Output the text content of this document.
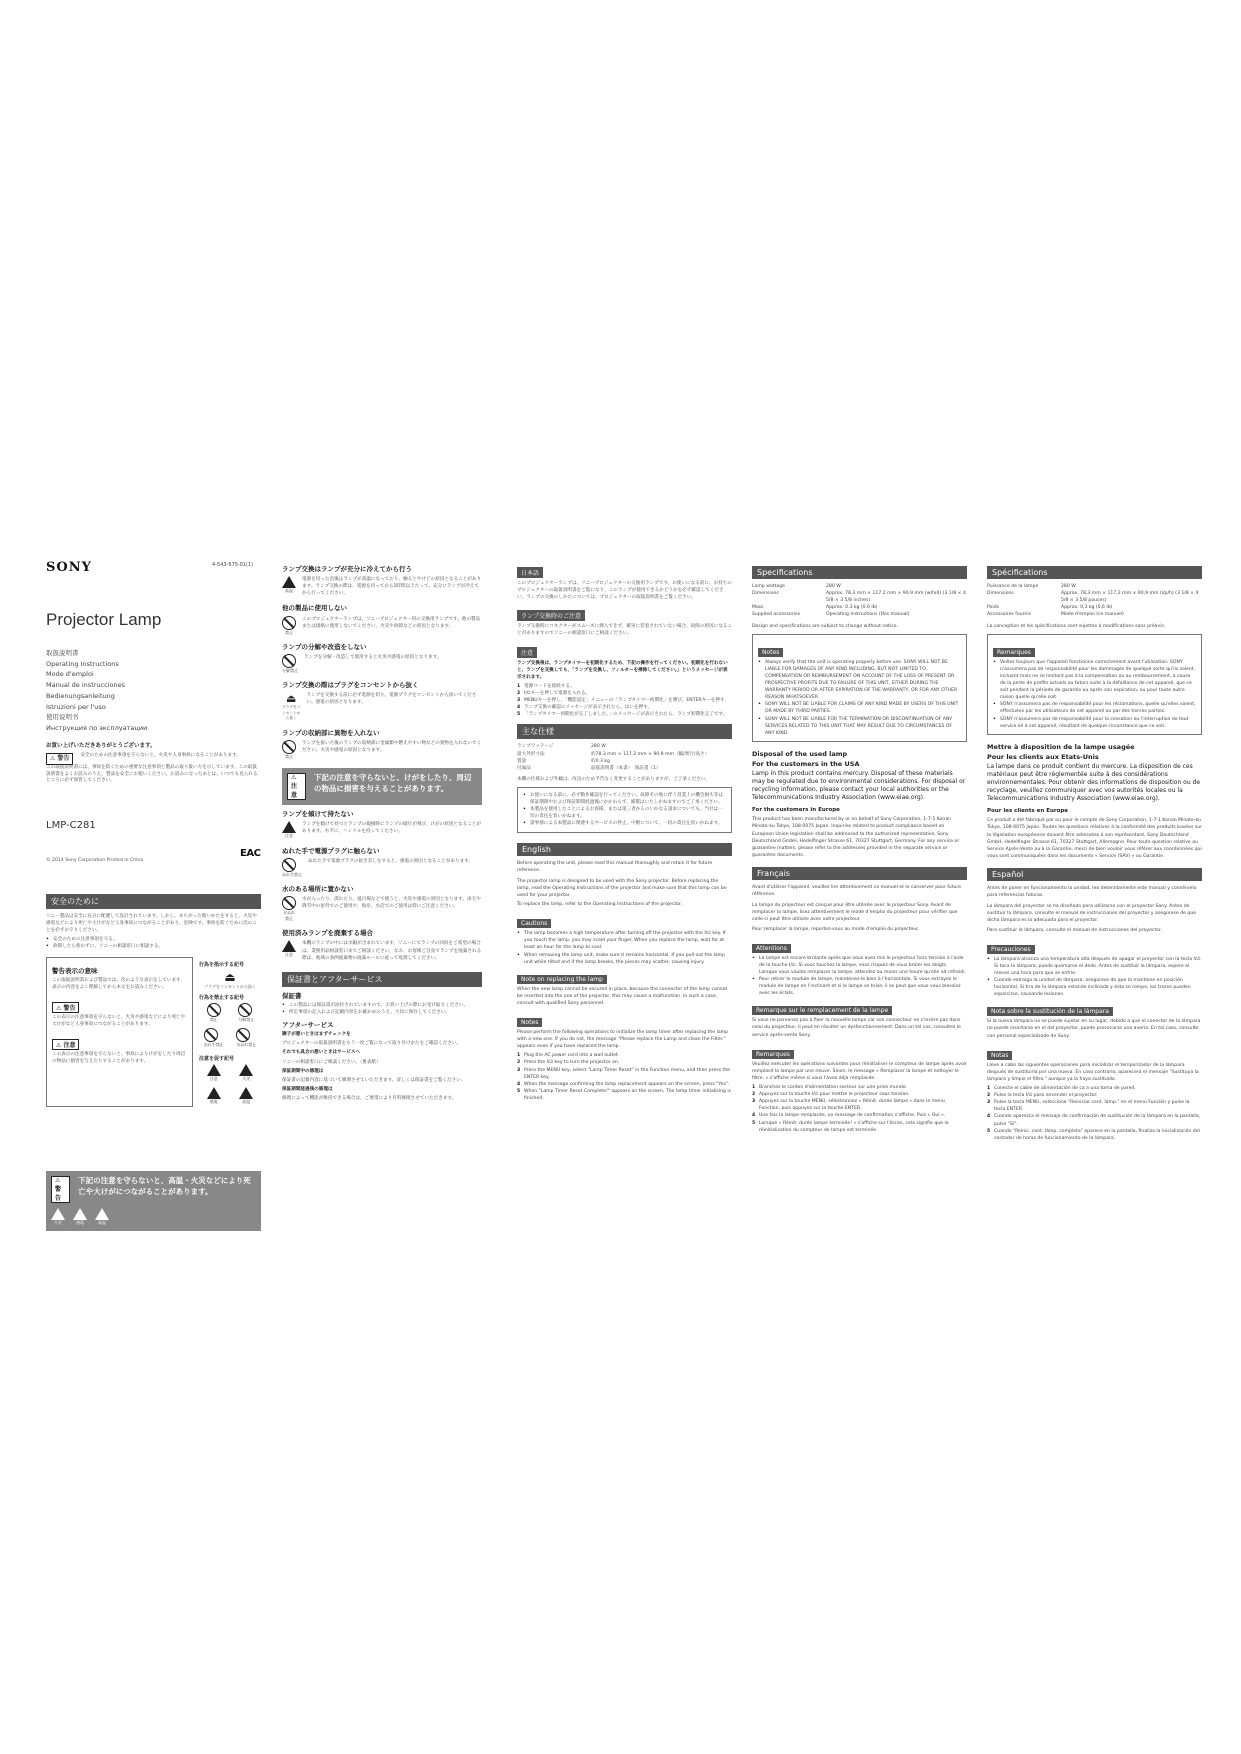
SONY	4-543-675-01(1)
Projector Lamp
取扱説明書
Operating Instructions
Mode d'emploi
Manual de instrucciones
Bedienungsanleitung
Istruzioni per l'uso
使用说明书
Инструкция по эксплуатации
お買い上げいただきありがとうございます。
⚠ 警告	安全のための注意事項を守らないと、火災や人身事故になることがあります。
この取扱説明書には、事故を防ぐための重要な注意事項と製品の取り扱い方を示しています。この取扱説明書をよくお読みのうえ、製品を安全にお使いください。お読みになったあとは、いつでも見られるところに必ず保管してください。
LMP-C281
© 2014 Sony Corporation Printed in China
EAC
安全のために

ソニー製品は安全に充分に配慮して設計されています。しかし、まちがった使いかたをすると、火災や感電などにより死亡や大けがなど人身事故につながることがあり、危険です。事故を防ぐために次のことを必ずお守りください。

• 安全のための注意事項を守る。

• 故障したら使わずに、ソニーの相談窓口に相談する。

警告表示の意味

この取扱説明書および製品では、次のような表示をしています。表示の内容をよく理解してから本文をお読みください。

⚠ 警告

この表示の注意事項を守らないと、火災や感電などにより死亡や大けがなど人身事故につながることがあります。

⚠ 注意

この表示の注意事項を守らないと、事故によりけがをしたり周辺の物品に損害を与えたりすることがあります。

行為を指示する記号
⏏
プラグをコンセントから抜く
行為を禁止する記号
禁止	分解禁止
ぬれ手禁止	水ぬれ禁止
注意を促す記号
注意	火災
感電	高温
⚠ 警告
下記の注意を守らないと、高温・火災などにより死亡や大けがにつながることがあります。
火災	感電	高温
ランプ交換はランプが充分に冷えてから行う
高温

電源を切った直後はランプが高温になっており、触るとやけどの原因となることがあります。ランプ交換の際は、電源を切ってから1時間以上たって、充分にランプが冷えてから行ってください。

他の製品に使用しない
禁止

このプロジェクターランプは、ソニープロジェクター用の交換用ランプです。他の製品または規格に使用しないでください。火災や故障などの原因となります。

ランプの分解や改造をしない
分解禁止

ランプを分解・改造して使用すると火災や感電の原因となります。

ランプ交換の際はプラグをコンセントから抜く
⏏
プラグをコンセントから抜く

ランプを交換する前に必ず電源を切り、電源プラグをコンセントから抜いてください。感電の原因となります。

ランプの収納部に異物を入れない
禁止

ランプを抜いた後のランプの収納部に金属類や燃えやすい物などの異物を入れないでください。火災や感電の原因となります。

⚠ 注意
下記の注意を守らないと、けがをしたり、周辺の物品に損害を与えることがあります。
ランプを傾けて持たない
注意

ランプを傾けて持つとランプの破損時にランプの破片が飛び、けがの原因となることがあります。水平に、ハンドルを持ってください。

ぬれた手で電源プラグに触らない
ぬれ手禁止

ぬれた手で電源プラグの抜き差しをすると、感電の原因となることがあります。

水のある場所に置かない
水ぬれ禁止

水が入ったり、濡れたり、風呂場などで使うと、火災や感電の原因となります。雨天や降雪中の屋外でのご使用や、海岸、水辺でのご使用は特にご注意ください。

使用済みランプを廃棄する場合
注意

本機のランプの中には水銀が含まれています。ソニーにてランプの回収をご希望の場合は、業務用品相談窓口までご相談ください。なお、お客様ご自身でランプを廃棄される際は、地域の条例廃棄物の廃棄ルールに従って処理してください。

保証書とアフターサービス
保証書

• この製品には保証書が添付されていますので、お買い上げの際にお受け取りください。

• 所定事項の記入および記載内容をお確かめのうえ、大切に保存してください。

アフターサービス
調子が悪いときはまずチェックを

プロジェクターの取扱説明書をもう一度ご覧になって取り付けかたをご確認ください。

それでも具合の悪いときはサービスへ

ソニーの相談窓口にご相談ください。（裏表紙）

保証期間中の修理は

保証書の記載内容に基づいて修理させていただきます。詳しくは保証書をご覧ください。

保証期間経過後の修理は

修理によって機能が維持できる場合は、ご要望により有料修理させていただきます。

日本語

このプロジェクターランプは、ソニープロジェクターの交換用ランプです。お使いになる前に、お持ちのプロジェクターの取扱説明書をご覧になり、このランプが使用できるかどうかを必ず確認してください。ランプの交換のしかたについては、プロジェクターの取扱説明書をご覧ください。

ランプ交換時のご注意

ランプ交換時にコネクターがスムーズに挿入できず、確実に装着されていない場合、故障の原因になることがありますのでソニーの相談窓口にご相談ください。

注意

ランプ交換後は、ランプタイマーを初期化するため、下記の操作を行ってください。初期化を行わないと、ランプを交換しても、「ランプを交換し、フィルターを掃除してください。」というメッセージが表示されます。

1 電源コードを接続する。

2 I/⏻キーを押して電源を入れる。

3 MENUキーを押し、「機能設定」メニューの「ランプタイマー初期化」を選び、ENTERキーを押す。

4 ランプ交換の確認のメッセージが表示されたら、はいを押す。

5 「ランプタイマー初期化が完了しました。」のメッセージが表示されたら、ランプ初期化完了です。

主な仕様
ランプワッテージ	280 W
最大外形寸法	約78.3 mm × 117.2 mm × 90.9 mm（幅/奥行/高さ）
質量	約0.3 kg
付属品	取扱説明書（本書）　保証書（1）

本機の仕様および外観は、改良のため予告なく変更することがありますが、ご了承ください。

• お使いになる前に、必ず動作確認を行ってください。故障その他に伴う営業上の機会損失等は保証期間中および保証期間経過後にかかわらず、補償はいたしかねますのでご了承ください。

• 本製品を使用したことによるお客様、または第三者からのいかなる請求についても、当社は一切の責任を負いかねます。

• 諸事情による本製品に関連するサービスの停止、中断について、一切の責任を負いかねます。

English

Before operating the unit, please read this manual thoroughly and retain it for future reference.

The projector lamp is designed to be used with the Sony projector. Before replacing the lamp, read the Operating Instructions of the projector and make sure that this lamp can be used for your projector.

To replace the lamp, refer to the Operating Instructions of the projector.

Cautions

• The lamp becomes a high temperature after turning off the projector with the I/⏻ key. If you touch the lamp, you may scald your finger. When you replace the lamp, wait for at least an hour for the lamp to cool.

• When removing the lamp unit, make sure it remains horizontal. If you pull out the lamp unit while tilted and if the lamp breaks, the pieces may scatter, causing injury.

Note on replacing the lamp

When the new lamp cannot be secured in place, because the connector of the lamp cannot be inserted into the one of the projector, this may cause a malfunction. In such a case, consult with qualified Sony personnel.

Notes

Please perform the following operations to initialize the lamp timer after replacing the lamp with a new one. If you do not, the message "Please replace the Lamp and clean the Filter." appears even if you have replaced the lamp.

1 Plug the AC power cord into a wall outlet.

2 Press the I/⏻ key to turn the projector on.

3 Press the MENU key, select "Lamp Timer Reset" in the Function menu, and then press the ENTER key.

4 When the message confirming the lamp replacement appears on the screen, press "Yes".

5 When "Lamp Timer Reset Complete!" appears on the screen, The lamp timer initializing is finished.

Specifications
Lamp wattage	280 W
Dimensions	Approx. 78.3 mm × 117.2 mm × 90.9 mm (w/h/d) (3 1/8 × 4 5/8 × 3 5/8 inches)
Mass	Approx. 0.3 kg (0.6 lb)
Supplied accessories	Operating Instructions (this manual)

Design and specifications are subject to change without notice.

Notes

• Always verify that the unit is operating properly before use. SONY WILL NOT BE LIABLE FOR DAMAGES OF ANY KIND INCLUDING, BUT NOT LIMITED TO, COMPENSATION OR REIMBURSEMENT ON ACCOUNT OF THE LOSS OF PRESENT OR PROSPECTIVE PROFITS DUE TO FAILURE OF THIS UNIT, EITHER DURING THE WARRANTY PERIOD OR AFTER EXPIRATION OF THE WARRANTY, OR FOR ANY OTHER REASON WHATSOEVER.

• SONY WILL NOT BE LIABLE FOR CLAIMS OF ANY KIND MADE BY USERS OF THIS UNIT OR MADE BY THIRD PARTIES.

• SONY WILL NOT BE LIABLE FOR THE TERMINATION OR DISCONTINUATION OF ANY SERVICES RELATED TO THIS UNIT THAT MAY RESULT DUE TO CIRCUMSTANCES OF ANY KIND.

Disposal of the used lamp
For the customers in the USA

Lamp in this product contains mercury. Disposal of these materials may be regulated due to environmental considerations. For disposal or recycling information, please contact your local authorities or the Telecommunications Industry Association (www.eiae.org).

For the customers in Europe

This product has been manufactured by or on behalf of Sony Corporation, 1-7-1 Konan Minato-ku Tokyo, 108-0075 Japan. Inquiries related to product compliance based on European Union legislation shall be addressed to the authorized representative, Sony Deutschland GmbH, Hedelfinger Strasse 61, 70327 Stuttgart, Germany. For any service or guarantee matters, please refer to the addresses provided in the separate service or guarantee documents.

Français

Avant d'utiliser l'appareil, veuillez lire attentivement ce manuel et le conserver pour future référence.

La lampe du projecteur est conçue pour être utilisée avec le projecteur Sony. Avant de remplacer la lampe, lisez attentivement le mode d'emploi du projecteur pour vérifier que celle-ci peut être utilisée avec votre projecteur.

Pour remplacer la lampe, reportez-vous au mode d'emploi du projecteur.

Attentions

• La lampe est encore brûlante après que vous avez mis le projecteur hors tension à l'aide de la touche I/⏻. Si vous touchez la lampe, vous risquez de vous brûler les doigts. Lorsque vous voulez remplacer la lampe, attendez au moins une heure qu'elle ait refroidi.

• Pour retirer le module de lampe, maintenez-le bien à l'horizontale. Si vous extrayez le module de lampe en l'inclinant et si la lampe se brise, il se peut que vous vous blessiez avec les éclats.

Remarque sur le remplacement de la lampe

Si vous ne parvenez pas à fixer la nouvelle lampe car son connecteur ne s'insère pas dans celui du projecteur, il peut en résulter un dysfonctionnement. Dans un tel cas, consultez le service après-vente Sony.

Remarques

Veuillez exécuter les opérations suivantes pour réinitialiser le compteur de lampe après avoir remplacé la lampe par une neuve. Sinon, le message « Remplacer la lampe et nettoyer le filtre. » s'affiche même si vous l'avez déjà remplacée.

1 Branchez le cordon d'alimentation secteur sur une prise murale.

2 Appuyez sur la touche I/⏻ pour mettre le projecteur sous tension.

3 Appuyez sur la touche MENU, sélectionnez « Réinit. durée lampe » dans le menu Fonction, puis appuyez sur la touche ENTER.

4 Une fois la lampe remplacée, un message de confirmation s'affiche. Puis « Oui ».

5 Lorsque « Réinit. durée lampe terminée! » s'affiche sur l'écran, cela signifie que la réinitialisation du compteur de lampe est terminée.

Spécifications
Puissance de la lampe	280 W
Dimensions	Approx. 78,3 mm × 117,2 mm × 90,9 mm (l/p/h) (3 1/8 × 4 5/8 × 3 5/8 pouces)
Poids	Approx. 0,3 kg (0,6 lb)
Accessoires fournis	Mode d'emploi (ce manuel)

La conception et les spécifications sont sujettes à modifications sans préavis.

Remarques

• Veillez toujours que l'appareil fonctionne correctement avant l'utilisation. SONY n'assumera pas de responsabilité pour les dommages de quelque sorte qu'ils soient, incluant mais ne se limitant pas à la compensation ou au remboursement, à cause de la perte de profits actuels ou futurs suite à la défaillance de cet appareil, que ce soit pendant la période de garantie ou après son expiration, ou pour toute autre raison quelle qu'elle soit.

• SONY n'assumera pas de responsabilité pour les réclamations, quelle qu'elles soient, effectuées par les utilisateurs de cet appareil ou par des tierces parties.

• SONY n'assumera pas de responsabilité pour la cessation ou l'interruption de tout service lié à cet appareil, résultant de quelque circonstance que ce soit.

Mettre à disposition de la lampe usagée
Pour les clients aux Etats-Unis

La lampe dans ce produit contient du mercure. La disposition de ces matériaux peut être réglementée suite à des considérations environnementales. Pour obtenir des informations de disposition ou de recyclage, veuillez communiquer avec vos autorités locales ou la Telecommunications Industry Association (www.eiae.org).

Pour les clients en Europe

Ce produit a été fabriqué par ou pour le compte de Sony Corporation, 1-7-1 Konan Minato-ku Tokyo, 108-0075 Japon. Toutes les questions relatives à la conformité des produits basées sur la législation européenne doivent être adressées à son représentant, Sony Deutschland GmbH, Hedelfinger Strasse 61, 70327 Stuttgart, Allemagne. Pour toute question relative au Service Après-Vente ou à la Garantie, merci de bien vouloir vous référer aux coordonnées qui vous sont communiquées dans les documents « Service (SAV) » ou Garantie.

Español

Antes de poner en funcionamiento la unidad, lea detenidamente este manual y consérvelo para referencias futuras.

La lámpara del proyector se ha diseñado para utilizarse con el proyector Sony. Antes de sustituir la lámpara, consulte el manual de instrucciones del proyector y asegúrese de que dicha lámpara es la adecuada para el proyector.

Para sustituir la lámpara, consulte el manual de instrucciones del proyector.

Precauciones

• La lámpara alcanza una temperatura alta después de apagar el proyector con la tecla I/⏻. Si toca la lámpara, puede quemarse el dedo. Antes de sustituir la lámpara, espere al menos una hora para que se enfríe.

• Cuando extraiga la unidad de lámpara, asegúrese de que la mantiene en posición horizontal. Si tira de la lámpara estando inclinada y ésta se rompe, los trozos pueden esparcirse, causando lesiones.

Nota sobre la sustitución de la lámpara

Si la nueva lámpara no se puede sujetar en su lugar, debido a que el conector de la lámpara no puede insertarse en el del proyector, puede provocarse una avería. En tal caso, consulte con personal especializado de Sony.

Notas

Lleve a cabo las siguientes operaciones para inicializar el temporizador de la lámpara después de sustituirla por una nueva. En caso contrario, aparecerá el mensaje "Sustituya la lámpara y limpie el filtro." aunque ya la haya sustituido.

1 Conecte el cable de alimentación de ca a una toma de pared.

2 Pulse la tecla I/⏻ para encender el proyector.

3 Pulse la tecla MENU, seleccione "Reiniciar cont. lámp." en el menú Función y pulse la tecla ENTER.

4 Cuando aparezca el mensaje de confirmación de sustitución de la lámpara en la pantalla, pulse "Sí".

5 Cuando "Reinic. cont. lámp. completa" aparece en la pantalla, finaliza la inicialización del contador de horas de funcionamiento de la lámpara.
